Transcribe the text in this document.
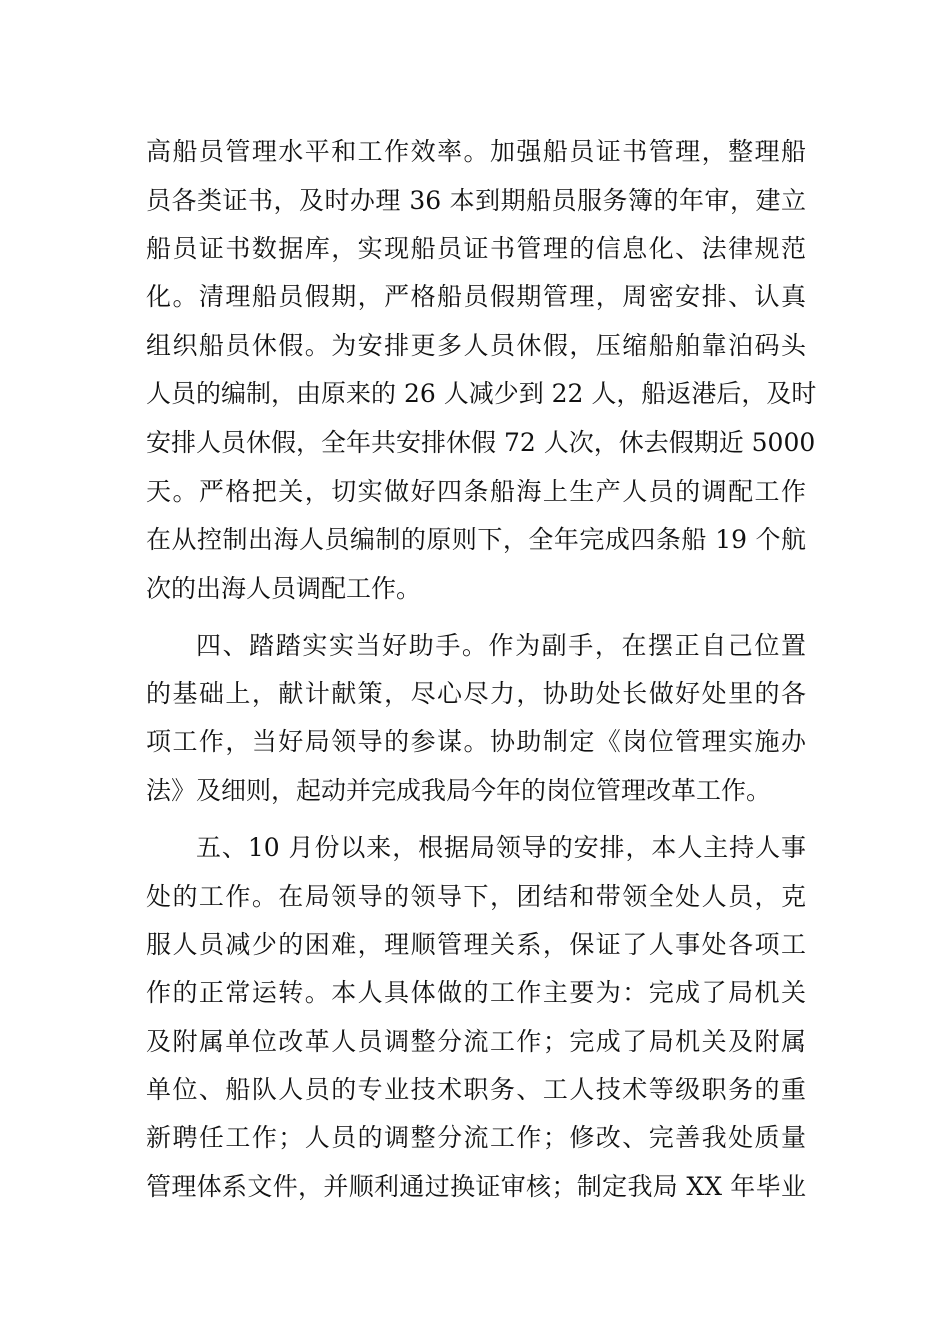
高船员管理水平和工作效率。加强船员证书管理，整理船
员各类证书，及时办理 36 本到期船员服务簿的年审，建立
船员证书数据库，实现船员证书管理的信息化、法律规范
化。清理船员假期，严格船员假期管理，周密安排、认真
组织船员休假。为安排更多人员休假，压缩船舶靠泊码头
人员的编制，由原来的 26 人减少到 22 人，船返港后，及时
安排人员休假，全年共安排休假 72 人次，休去假期近 5000
天。严格把关，切实做好四条船海上生产人员的调配工作
在从控制出海人员编制的原则下，全年完成四条船 19 个航
次的出海人员调配工作。
四、踏踏实实当好助手。作为副手，在摆正自己位置
的基础上，献计献策，尽心尽力，协助处长做好处里的各
项工作，当好局领导的参谋。协助制定《岗位管理实施办
法》及细则，起动并完成我局今年的岗位管理改革工作。
五、10 月份以来，根据局领导的安排，本人主持人事
处的工作。在局领导的领导下，团结和带领全处人员，克
服人员减少的困难，理顺管理关系，保证了人事处各项工
作的正常运转。本人具体做的工作主要为：完成了局机关
及附属单位改革人员调整分流工作；完成了局机关及附属
单位、船队人员的专业技术职务、工人技术等级职务的重
新聘任工作；人员的调整分流工作；修改、完善我处质量
管理体系文件，并顺利通过换证审核；制定我局 XX 年毕业
